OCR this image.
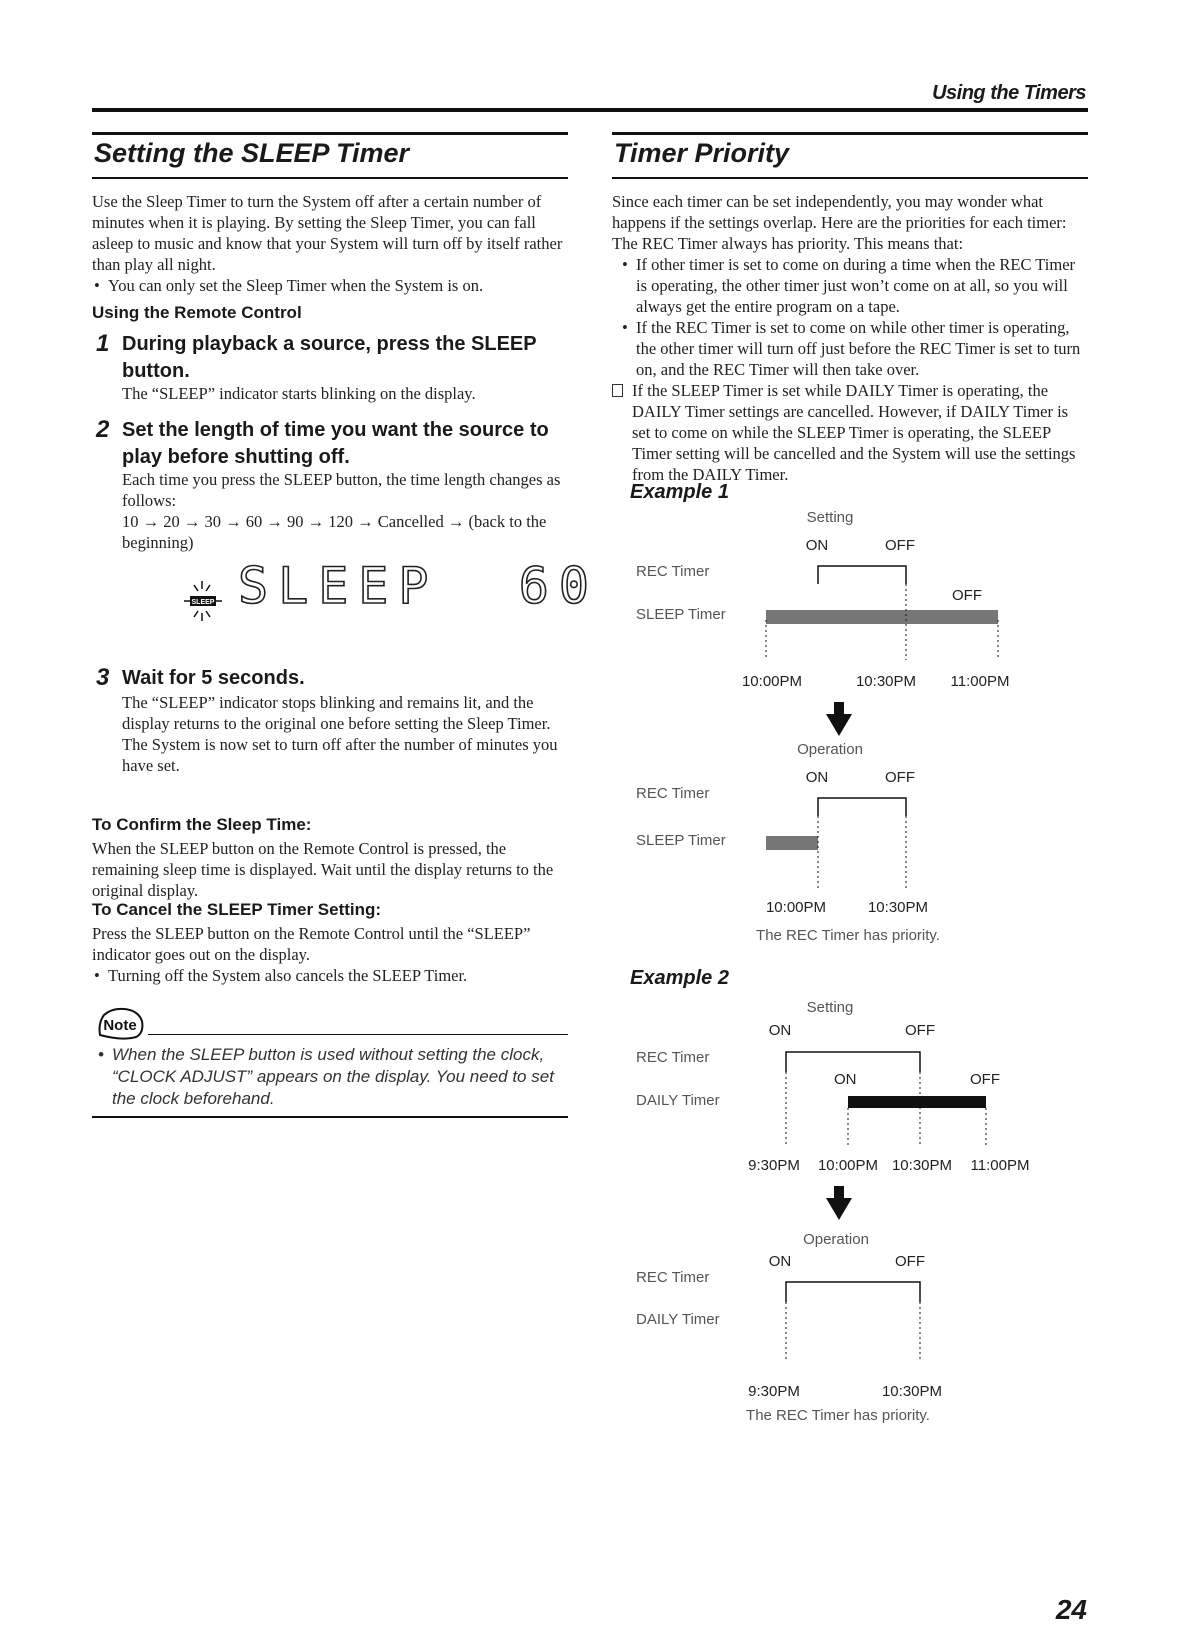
Using the Timers
Setting the SLEEP Timer

Use the Sleep Timer to turn the System off after a certain number of minutes when it is playing. By setting the Sleep Timer, you can fall asleep to music and know that your System will turn off by itself rather than play all night.

• You can only set the Sleep Timer when the System is on.
Using the Remote Control
1 During playback a source, press the SLEEP button.
The “SLEEP” indicator starts blinking on the display.
2 Set the length of time you want the source to play before shutting off.

Each time you press the SLEEP button, the time length changes as follows:

10 → 20 → 30 → 60 → 90 → 120 → Cancelled → (back to the beginning)

SLEEP SLEEP  60
3 Wait for 5 seconds.

The “SLEEP” indicator stops blinking and remains lit, and the display returns to the original one before setting the Sleep Timer.

The System is now set to turn off after the number of minutes you have set.

To Confirm the Sleep Time:
When the SLEEP button on the Remote Control is pressed, the remaining sleep time is displayed. Wait until the display returns to the original display.
To Cancel the SLEEP Timer Setting:

Press the SLEEP button on the Remote Control until the “SLEEP” indicator goes out on the display.

• Turning off the System also cancels the SLEEP Timer.
Note
• When the SLEEP button is used without setting the clock, “CLOCK ADJUST” appears on the display. You need to set the clock beforehand.
Timer Priority

Since each timer can be set independently, you may wonder what happens if the settings overlap. Here are the priorities for each timer:

The REC Timer always has priority. This means that:

• If other timer is set to come on during a time when the REC Timer is operating, the other timer just won’t come on at all, so you will always get the entire program on a tape.
• If the REC Timer is set to come on while other timer is operating, the other timer will turn off just before the REC Timer is set to turn on, and the REC Timer will then take over.

If the SLEEP Timer is set while DAILY Timer is operating, the DAILY Timer settings are cancelled. However, if DAILY Timer is set to come on while the SLEEP Timer is operating, the SLEEP Timer setting will be cancelled and the System will use the settings from the DAILY Timer.

Example 1
Setting
ON	OFF
REC Timer
SLEEP Timer
OFF
10:00PM	10:30PM 11:00PM
Operation
ON	OFF
REC Timer
SLEEP Timer
10:00PM	10:30PM
The REC Timer has priority.
Example 2
Setting
ON	OFF
REC Timer
DAILY Timer
ON	OFF
9:30PM 10:00PM 10:30PM 11:00PM
Operation
ON	OFF
REC Timer
DAILY Timer
9:30PM	10:30PM
The REC Timer has priority.
24
